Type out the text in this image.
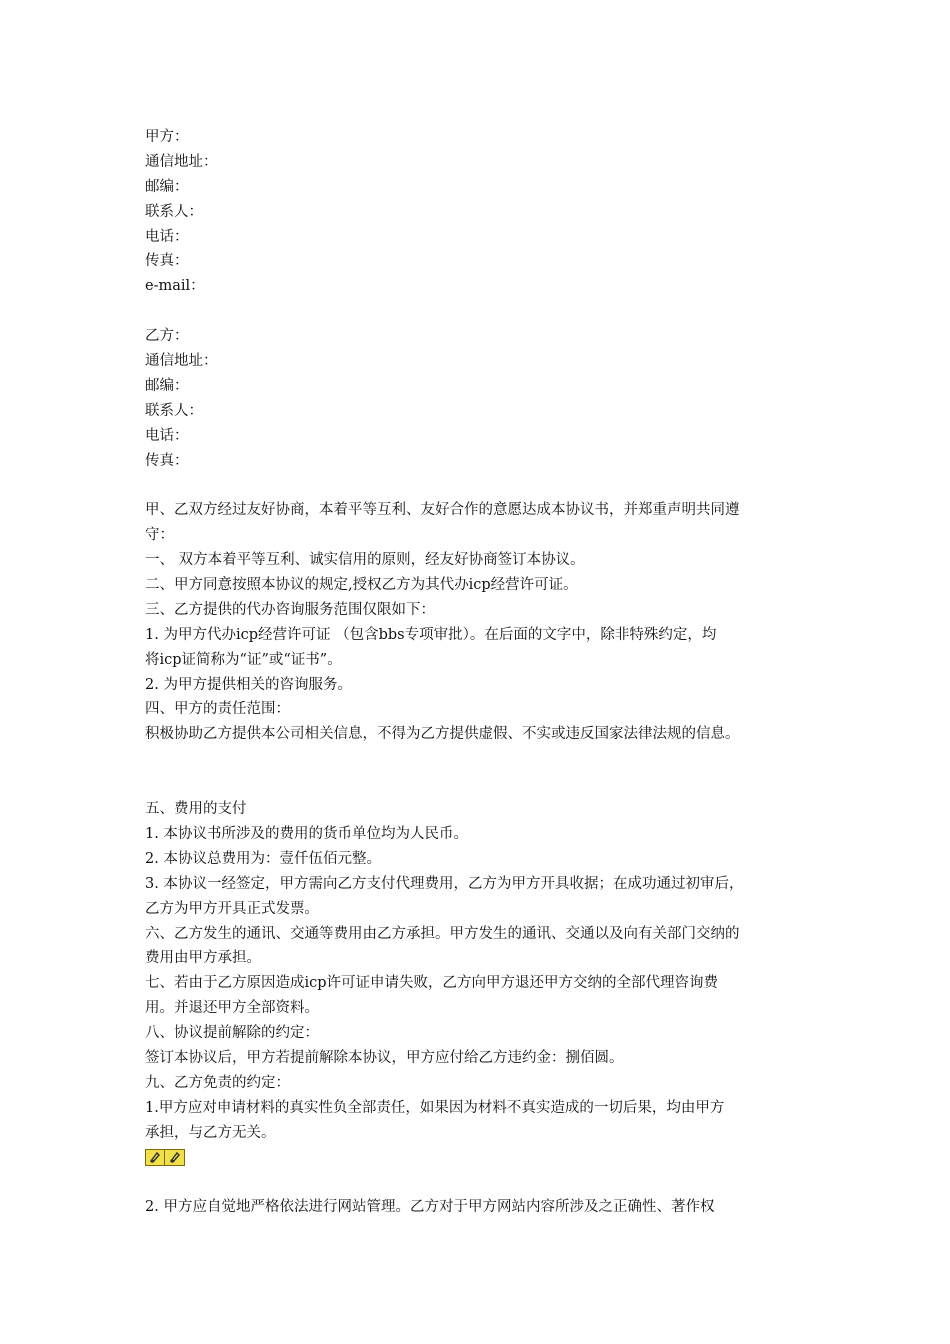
甲方：
通信地址：
邮编：
联系人：
电话：
传真：
e-mail：
乙方：
通信地址：
邮编：
联系人：
电话：
传真：
甲、乙双方经过友好协商，本着平等互利、友好合作的意愿达成本协议书，并郑重声明共同遵
守：
一、 双方本着平等互利、诚实信用的原则，经友好协商签订本协议。
二、甲方同意按照本协议的规定,授权乙方为其代办icp经营许可证。
三、乙方提供的代办咨询服务范围仅限如下：
1. 为甲方代办icp经营许可证 （包含bbs专项审批）。在后面的文字中，除非特殊约定，均
将icp证简称为“证”或“证书”。
2. 为甲方提供相关的咨询服务。
四、甲方的责任范围：
积极协助乙方提供本公司相关信息，不得为乙方提供虚假、不实或违反国家法律法规的信息。
五、费用的支付
1. 本协议书所涉及的费用的货币单位均为人民币。
2. 本协议总费用为：壹仟伍佰元整。
3. 本协议一经签定，甲方需向乙方支付代理费用，乙方为甲方开具收据；在成功通过初审后，
乙方为甲方开具正式发票。
六、乙方发生的通讯、交通等费用由乙方承担。甲方发生的通讯、交通以及向有关部门交纳的
费用由甲方承担。
七、若由于乙方原因造成icp许可证申请失败，乙方向甲方退还甲方交纳的全部代理咨询费
用。并退还甲方全部资料。
八、协议提前解除的约定：
签订本协议后，甲方若提前解除本协议，甲方应付给乙方违约金：捌佰圆。
九、乙方免责的约定：
1.甲方应对申请材料的真实性负全部责任，如果因为材料不真实造成的一切后果，均由甲方
承担，与乙方无关。
2. 甲方应自觉地严格依法进行网站管理。乙方对于甲方网站内容所涉及之正确性、著作权
